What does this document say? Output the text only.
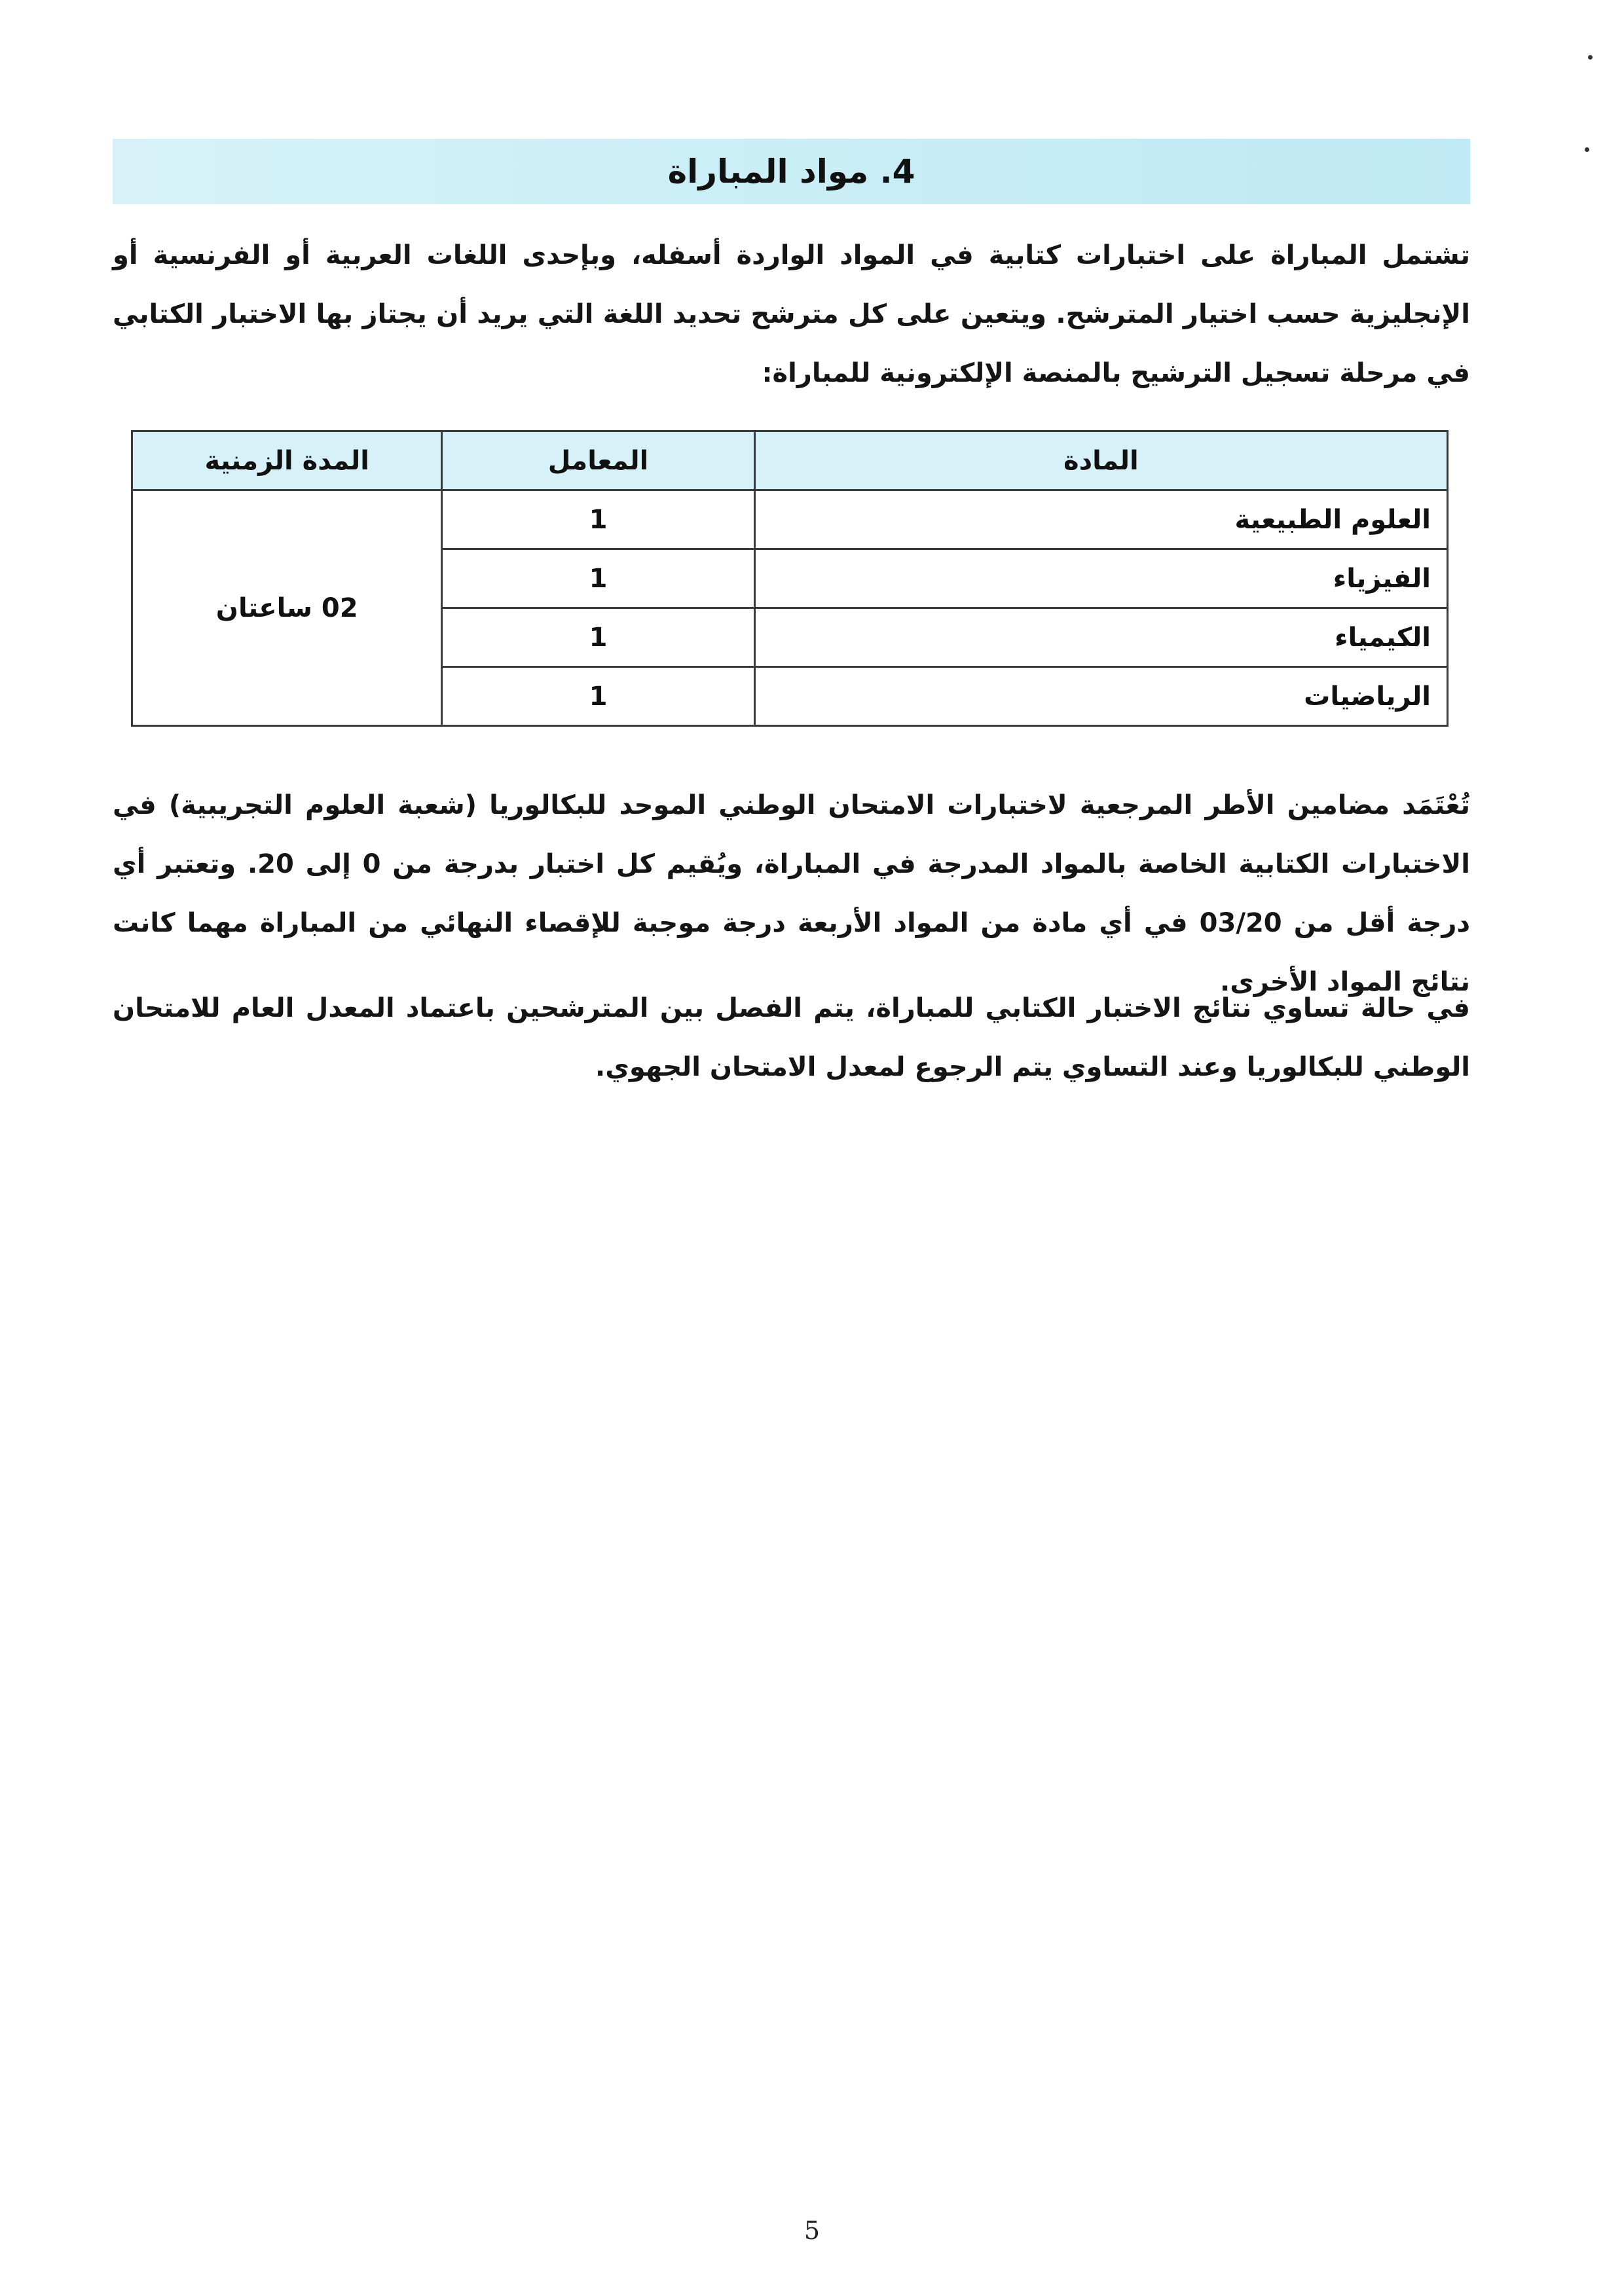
4. مواد المباراة

تشتمل المباراة على اختبارات كتابية في المواد الواردة أسفله، وبإحدى اللغات العربية أو الفرنسية أو الإنجليزية حسب اختيار المترشح. ويتعين على كل مترشح تحديد اللغة التي يريد أن يجتاز بها الاختبار الكتابي في مرحلة تسجيل الترشيح بالمنصة الإلكترونية للمباراة:

المادة	المعامل	المدة الزمنية
العلوم الطبيعية	1	02 ساعتان
الفيزياء	1	
الكيمياء	1	
الرياضيات	1	

تُعْتَمَد مضامين الأطر المرجعية لاختبارات الامتحان الوطني الموحد للبكالوريا (شعبة العلوم التجريبية) في الاختبارات الكتابية الخاصة بالمواد المدرجة في المباراة، ويُقيم كل اختبار بدرجة من 0 إلى 20. وتعتبر أي درجة أقل من 03/20 في أي مادة من المواد الأربعة درجة موجبة للإقصاء النهائي من المباراة مهما كانت نتائج المواد الأخرى.

في حالة تساوي نتائج الاختبار الكتابي للمباراة، يتم الفصل بين المترشحين باعتماد المعدل العام للامتحان الوطني للبكالوريا وعند التساوي يتم الرجوع لمعدل الامتحان الجهوي.

5
